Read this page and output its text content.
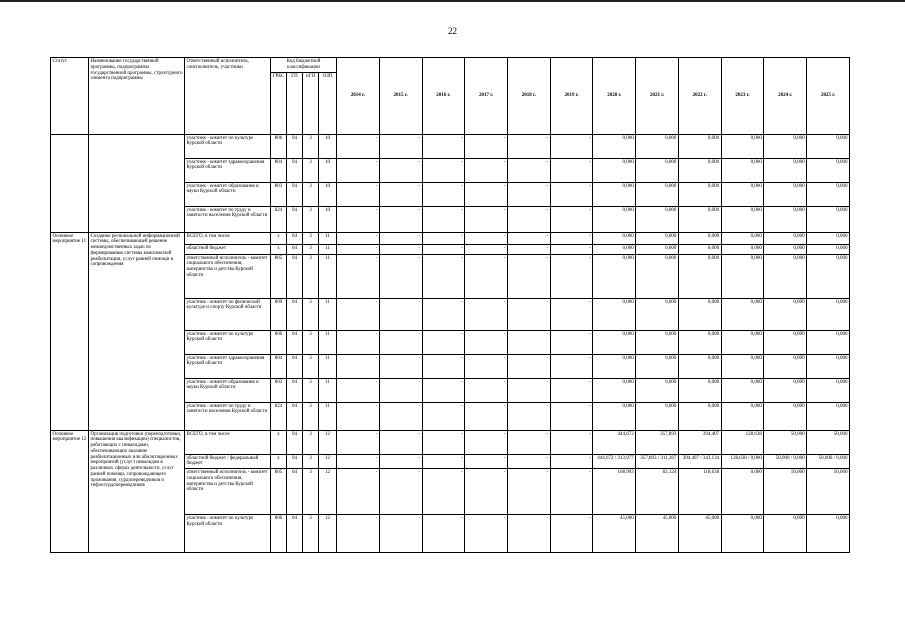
22
Статус	Наименование государственной программы, подпрограммы государственной программы, структурного элемента подпрограммы	Ответственный исполнитель, соисполнитель, участники	Код бюджетной классификации				2014 г.	2015 г.	2016 г.	2017 г.	2018 г.	2019 г.	2020 г.	2021 г.	2022 г.	2023 г.	2024 г.	2025 г.
			ГРБС	ГП	пГП	ОЗП												
		участник - комитет по культуре Курской области	806	04	3	10	-	-	-	-	-	-	0,000	0,000	0,000	0,000	0,000	0,000
		участник - комитет здравоохранения Курской области	804	04	3	10	-	-	-	-	-	-	0,000	0,000	0,000	0,000	0,000	0,000
		участник - комитет образования и науки Курской области	803	04	3	10	-	-	-	-	-	-	0,000	0,000	0,000	0,000	0,000	0,000
		участник - комитет по труду и занятости населения Курской области	824	04	3	10	-	-	-	-	-	-	0,000	0,000	0,000	0,000	0,000	0,000
Основное мероприятие 11	Создание региональной информационной системы, обеспечивающей решение межведомственных задач по формированию системы комплексной реабилитации, услуг ранней помощи и сопровождения	ВСЕГО, в том числе	х	04	3	11	-	-	-	-	-	-	0,000	0,000	0,000	0,000	0,000	0,000
		областной бюджет	х	04	3	11	-	-	-	-	-	-	0,000	0,000	0,000	0,000	0,000	0,000
		ответственный исполнитель - комитет социального обеспечения, материнства и детства Курской области	805	04	3	11	-	-	-	-	-	-	0,000	0,000	0,000	0,000	0,000	0,000
		участник - комитет по физической культуре и спорту Курской области	809	04	3	11	-	-	-	-	-	-	0,000	0,000	0,000	0,000	0,000	0,000
		участник - комитет по культуре Курской области	806	04	3	11	-	-	-	-	-	-	0,000	0,000	0,000	0,000	0,000	0,000
		участник - комитет здравоохранения Курской области	804	04	3	11	-	-	-	-	-	-	0,000	0,000	0,000	0,000	0,000	0,000
		участник - комитет образования и науки Курской области	803	04	3	11	-	-	-	-	-	-	0,000	0,000	0,000	0,000	0,000	0,000
		участник - комитет по труду и занятости населения Курской области	824	04	3	11	-	-	-	-	-	-	0,000	0,000	0,000	0,000	0,000	0,000
Основное мероприятие 12	Организация подготовки (переподготовки, повышения квалификации) специалистов, работающих с инвалидами, обеспечивающих оказание реабилитационных или абилитационных мероприятий (услуг) инвалидам в различных сферах деятельности, услуг ранней помощи, сопровождающего проживания, сурдопереводчиков и тифлосурдопереводчиков	ВСЕГО, в том числе	х	04	3	12	-	-	-	-	-	-	444,672	357,893	394,407	128,638	50,000	50,000
		областной бюджет / федеральный бюджет	х	04	3	12	-	-	-	-	-	-	444,672 / 313,977	357,893 / 311,367	394,407 / 343,134	128,638 / 0,000	50,000 / 0,000	50,000 / 0,000
		ответственный исполнитель - комитет социального обеспечения, материнства и детства Курской области	805	04	3	12	-	-	-	-	-	-	168,903	82,124	118,638	0,000	50,000	50,000
		участник - комитет по культуре Курской области	806	04	3	12	-	-	-	-	-	-	45,000	45,000	45,000	0,000	0,000	0,000
